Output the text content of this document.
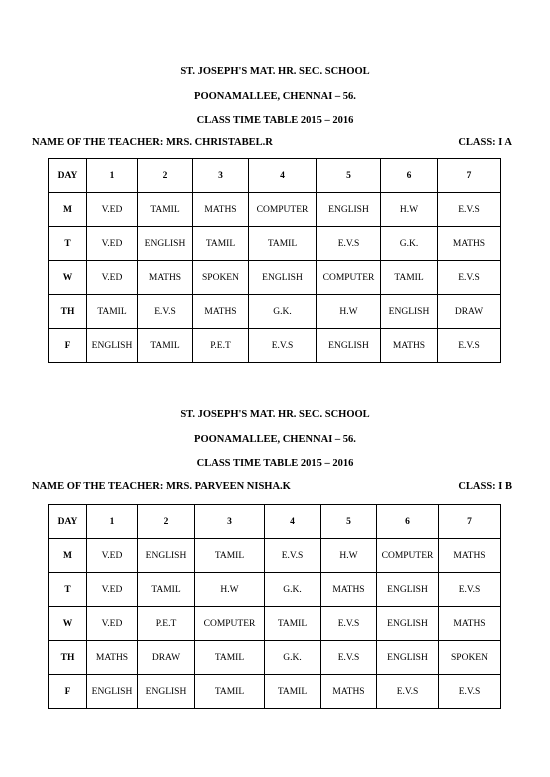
ST. JOSEPH'S MAT. HR. SEC. SCHOOL
POONAMALLEE, CHENNAI – 56.
CLASS TIME TABLE 2015 – 2016
NAME OF THE TEACHER: MRS. CHRISTABEL.R	CLASS: I A
DAY	1	2	3	4	5	6	7
M	V.ED	TAMIL	MATHS	COMPUTER	ENGLISH	H.W	E.V.S
T	V.ED	ENGLISH	TAMIL	TAMIL	E.V.S	G.K.	MATHS
W	V.ED	MATHS	SPOKEN	ENGLISH	COMPUTER	TAMIL	E.V.S
TH	TAMIL	E.V.S	MATHS	G.K.	H.W	ENGLISH	DRAW
F	ENGLISH	TAMIL	P.E.T	E.V.S	ENGLISH	MATHS	E.V.S
ST. JOSEPH'S MAT. HR. SEC. SCHOOL
POONAMALLEE, CHENNAI – 56.
CLASS TIME TABLE 2015 – 2016
NAME OF THE TEACHER: MRS. PARVEEN NISHA.K	CLASS: I B
DAY	1	2	3	4	5	6	7
M	V.ED	ENGLISH	TAMIL	E.V.S	H.W	COMPUTER	MATHS
T	V.ED	TAMIL	H.W	G.K.	MATHS	ENGLISH	E.V.S
W	V.ED	P.E.T	COMPUTER	TAMIL	E.V.S	ENGLISH	MATHS
TH	MATHS	DRAW	TAMIL	G.K.	E.V.S	ENGLISH	SPOKEN
F	ENGLISH	ENGLISH	TAMIL	TAMIL	MATHS	E.V.S	E.V.S
